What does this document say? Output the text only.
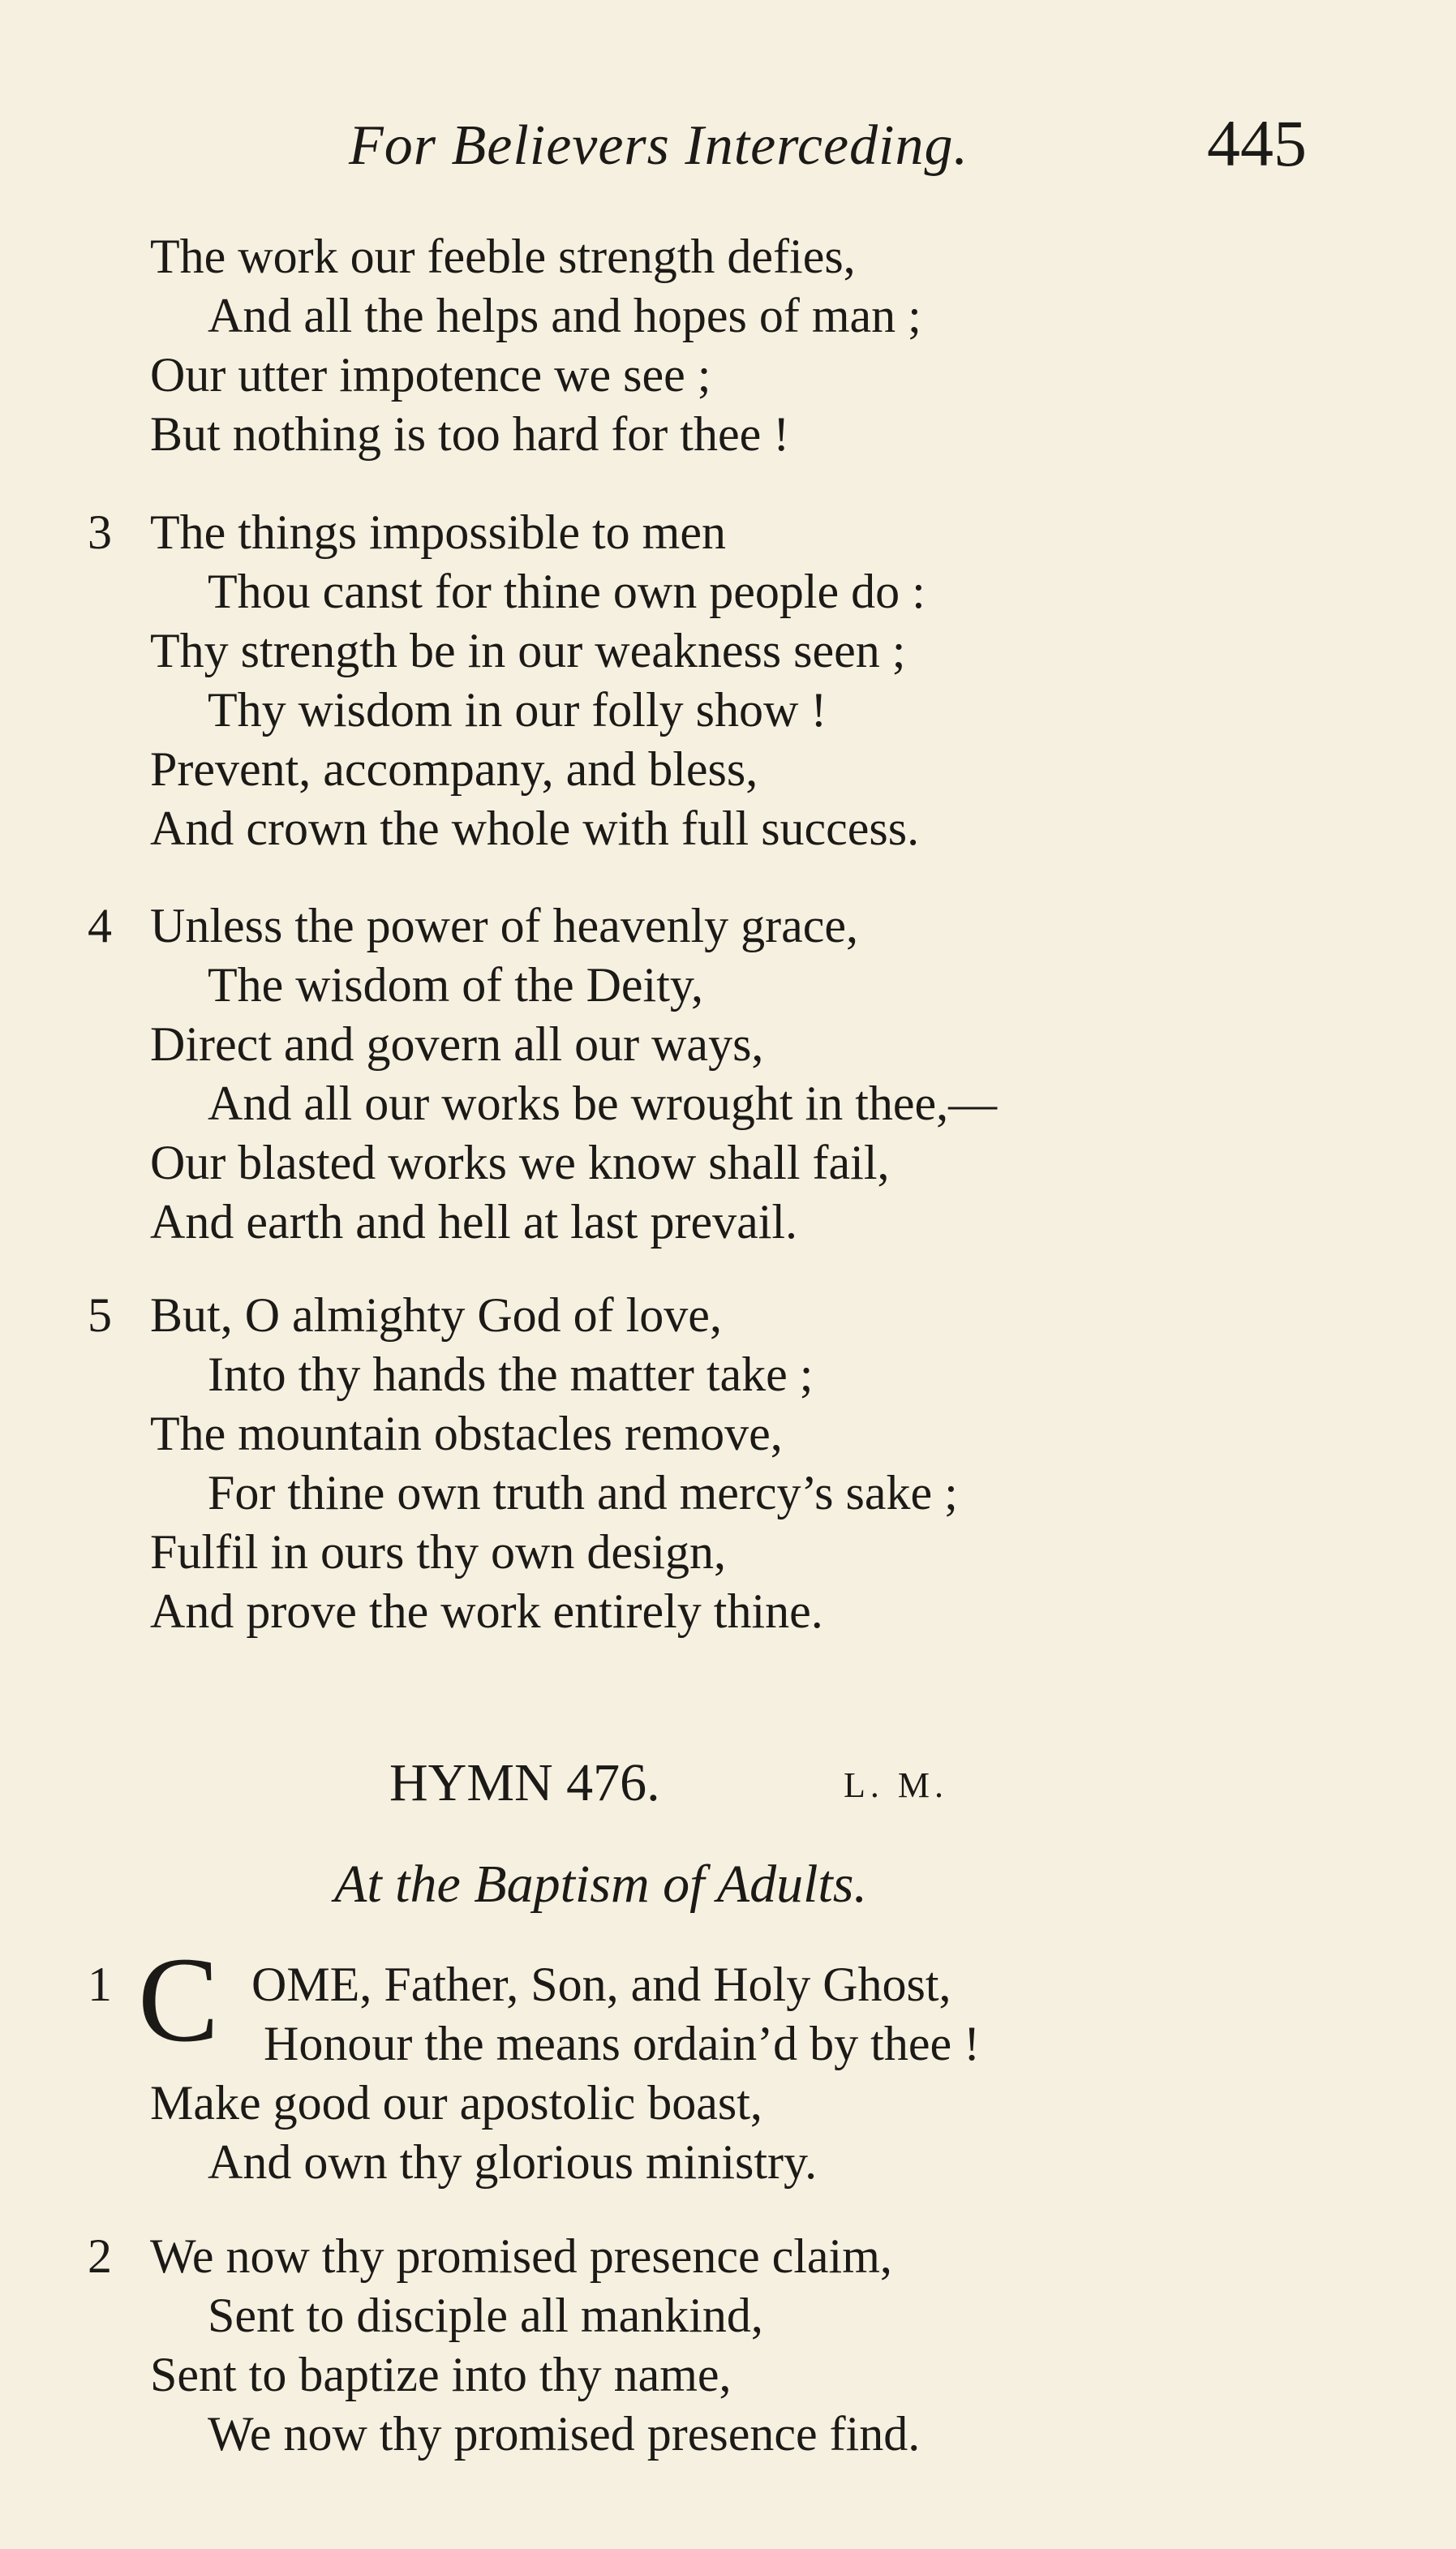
For Believers Interceding.	445
The work our feeble strength defies,
And all the helps and hopes of man ;
Our utter impotence we see ;
But nothing is too hard for thee !
3 The things impossible to men
Thou canst for thine own people do :
Thy strength be in our weakness seen ;
Thy wisdom in our folly show !
Prevent, accompany, and bless,
And crown the whole with full success.
4 Unless the power of heavenly grace,
The wisdom of the Deity,
Direct and govern all our ways,
And all our works be wrought in thee,—
Our blasted works we know shall fail,
And earth and hell at last prevail.
5 But, O almighty God of love,
Into thy hands the matter take ;
The mountain obstacles remove,
For thine own truth and mercy’s sake ;
Fulfil in ours thy own design,
And prove the work entirely thine.
HYMN 476.	L. M.
At the Baptism of Adults.
1 C OME, Father, Son, and Holy Ghost,
Honour the means ordain’d by thee !
Make good our apostolic boast,
And own thy glorious ministry.
2 We now thy promised presence claim,
Sent to disciple all mankind,
Sent to baptize into thy name,
We now thy promised presence find.
